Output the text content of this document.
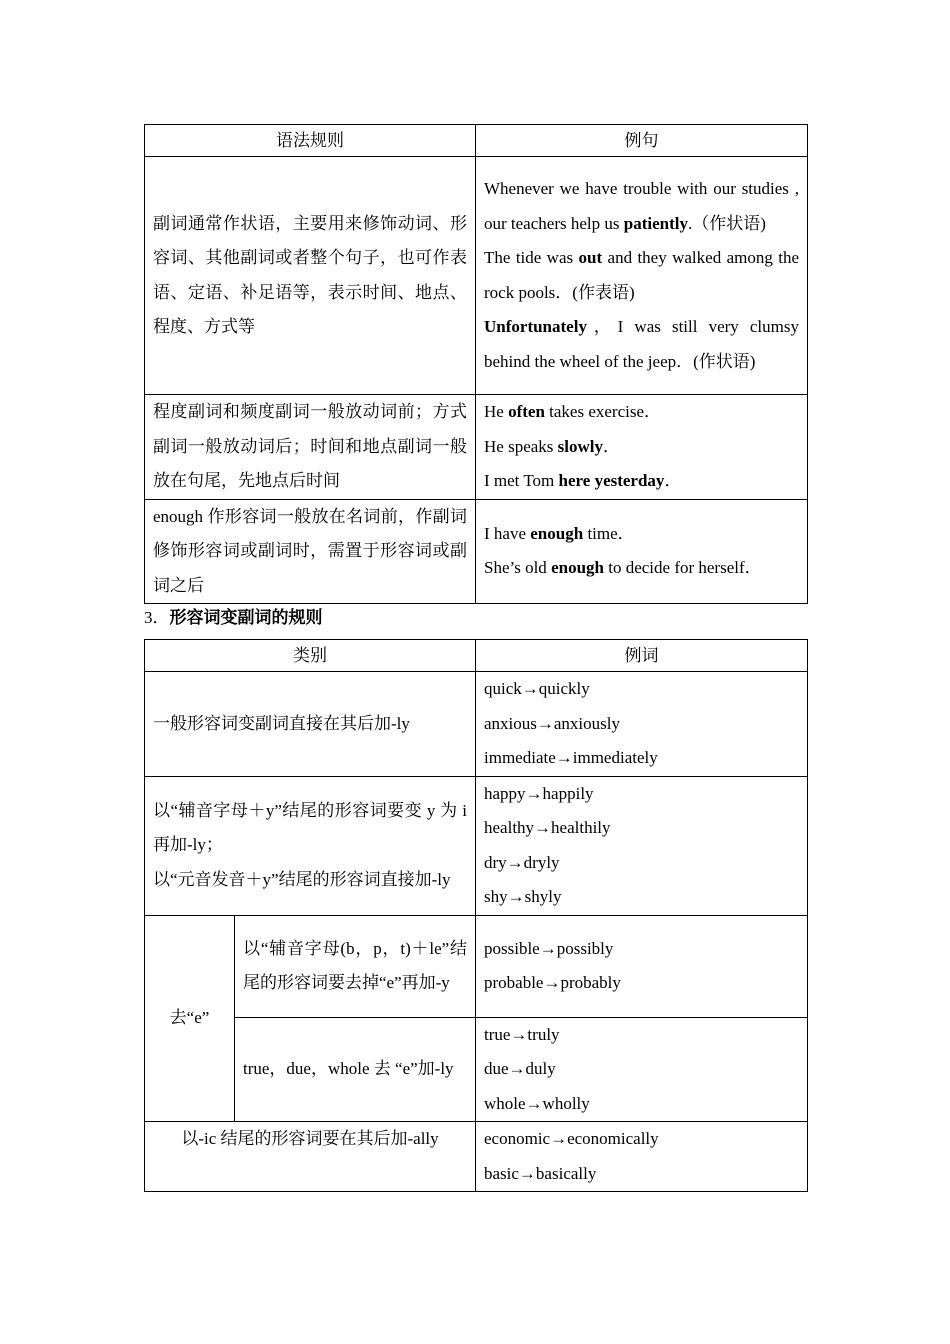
语法规则	例句
副词通常作状语，主要用来修饰动词、形容词、其他副词或者整个句子，也可作表语、定语、补足语等，表示时间、地点、程度、方式等	Whenever we have trouble with our studies , our teachers help us patiently.（作状语)
The tide was out and they walked among the rock pools．(作表语)
Unfortunately，I was still very clumsy behind the wheel of the jeep．(作状语)

程度副词和频度副词一般放动词前；方式副词一般放动词后；时间和地点副词一般放在句尾，先地点后时间	He often takes exercise．
He speaks slowly．
I met Tom here yesterday．

enough 作形容词一般放在名词前，作副词修饰形容词或副词时，需置于形容词或副词之后	I have enough time．
She’s old enough to decide for herself．
3．形容词变副词的规则
类别		例词
一般形容词变副词直接在其后加-ly		quick→quickly
anxious→anxiously
immediate→immediately

以“辅音字母＋y”结尾的形容词要变 y 为 i 再加-ly；
以“元音发音＋y”结尾的形容词直接加-ly		happy→happily
healthy→healthily
dry→dryly
shy→shyly

去“e”	以“辅音字母(b，p，t)＋le”结尾的形容词要去掉“e”再加-y	possible→possibly
probable→probably

	true，due，whole 去 “e”加-ly	true→truly
due→duly
whole→wholly

以-ic 结尾的形容词要在其后加-ally		economic→economically
basic→basically
